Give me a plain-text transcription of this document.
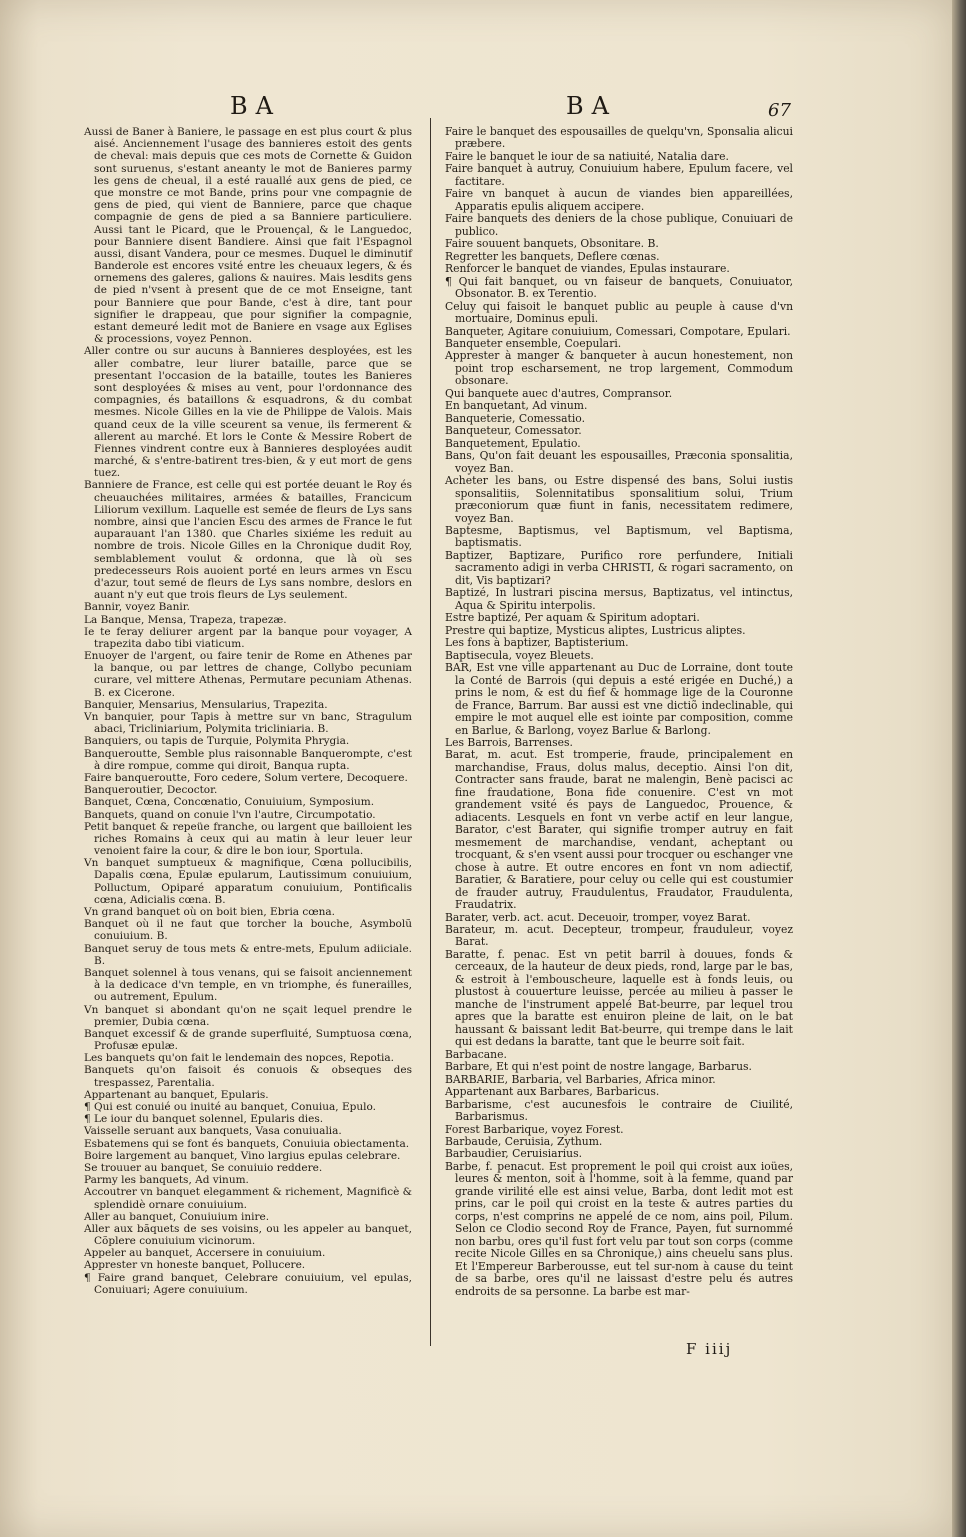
BA	BA	67

Aussi de Baner à Baniere, le passage en est plus court & plus aisé. Anciennement l'usage des bannieres estoit des gents de cheval: mais depuis que ces mots de Cornette & Guidon sont suruenus, s'estant aneanty le mot de Banieres parmy les gens de cheual, il a esté rauallé aux gens de pied, ce que monstre ce mot Bande, prins pour vne compagnie de gens de pied, qui vient de Banniere, parce que chaque compagnie de gens de pied a sa Banniere particuliere. Aussi tant le Picard, que le Prouençal, & le Languedoc, pour Banniere disent Bandiere. Ainsi que fait l'Espagnol aussi, disant Vandera, pour ce mesmes. Duquel le diminutif Banderole est encores vsité entre les cheuaux legers, & és ornemens des galeres, galions & nauires. Mais lesdits gens de pied n'vsent à present que de ce mot Enseigne, tant pour Banniere que pour Bande, c'est à dire, tant pour signifier le drappeau, que pour signifier la compagnie, estant demeuré ledit mot de Baniere en vsage aux Eglises & processions, voyez Pennon.

Aller contre ou sur aucuns à Bannieres desployées, est les aller combatre, leur liurer bataille, parce que se presentant l'occasion de la bataille, toutes les Banieres sont desployées & mises au vent, pour l'ordonnance des compagnies, és bataillons & esquadrons, & du combat mesmes. Nicole Gilles en la vie de Philippe de Valois. Mais quand ceux de la ville sceurent sa venue, ils fermerent & allerent au marché. Et lors le Conte & Messire Robert de Fiennes vindrent contre eux à Bannieres desployées audit marché, & s'entre-batirent tres-bien, & y eut mort de gens tuez.

Banniere de France, est celle qui est portée deuant le Roy és cheuauchées militaires, armées & batailles, Francicum Liliorum vexillum. Laquelle est semée de fleurs de Lys sans nombre, ainsi que l'ancien Escu des armes de France le fut auparauant l'an 1380. que Charles sixiéme les reduit au nombre de trois. Nicole Gilles en la Chronique dudit Roy, semblablement voulut & ordonna, que là où ses predecesseurs Rois auoient porté en leurs armes vn Escu d'azur, tout semé de fleurs de Lys sans nombre, deslors en auant n'y eut que trois fleurs de Lys seulement.

Bannir, voyez Banir.

La Banque, Mensa, Trapeza, trapezæ.

Ie te feray deliurer argent par la banque pour voyager, A trapezita dabo tibi viaticum.

Enuoyer de l'argent, ou faire tenir de Rome en Athenes par la banque, ou par lettres de change, Collybo pecuniam curare, vel mittere Athenas, Permutare pecuniam Athenas. B. ex Cicerone.

Banquier, Mensarius, Mensularius, Trapezita.

Vn banquier, pour Tapis à mettre sur vn banc, Stragulum abaci, Tricliniarium, Polymita tricliniaria. B.

Banquiers, ou tapis de Turquie, Polymita Phrygia.

Banqueroutte, Semble plus raisonnable Banquerompte, c'est à dire rompue, comme qui diroit, Banqua rupta.

Faire banqueroutte, Foro cedere, Solum vertere, Decoquere.

Banqueroutier, Decoctor.

Banquet, Cœna, Concœnatio, Conuiuium, Symposium.

Banquets, quand on conuie l'vn l'autre, Circumpotatio.

Petit banquet & repeüe franche, ou largent que bailloient les riches Romains à ceux qui au matin à leur leuer leur venoient faire la cour, & dire le bon iour, Sportula.

Vn banquet sumptueux & magnifique, Cœna pollucibilis, Dapalis cœna, Epulæ epularum, Lautissimum conuiuium, Polluctum, Opiparé apparatum conuiuium, Pontificalis cœna, Adicialis cœna. B.

Vn grand banquet où on boit bien, Ebria cœna.

Banquet où il ne faut que torcher la bouche, Asymbolũ conuiuium. B.

Banquet seruy de tous mets & entre-mets, Epulum adiiciale. B.

Banquet solennel à tous venans, qui se faisoit anciennement à la dedicace d'vn temple, en vn triomphe, és funerailles, ou autrement, Epulum.

Vn banquet si abondant qu'on ne sçait lequel prendre le premier, Dubia cœna.

Banquet excessif & de grande superfluité, Sumptuosa cœna, Profusæ epulæ.

Les banquets qu'on fait le lendemain des nopces, Repotia.

Banquets qu'on faisoit és conuois & obseques des trespassez, Parentalia.

Appartenant au banquet, Epularis.

¶ Qui est conuié ou inuité au banquet, Conuiua, Epulo.

¶ Le iour du banquet solennel, Epularis dies.

Vaisselle seruant aux banquets, Vasa conuiualia.

Esbatemens qui se font és banquets, Conuiuia obiectamenta.

Boire largement au banquet, Vino largius epulas celebrare.

Se trouuer au banquet, Se conuiuio reddere.

Parmy les banquets, Ad vinum.

Accoutrer vn banquet elegamment & richement, Magnificè & splendidè ornare conuiuium.

Aller au banquet, Conuiuium inire.

Aller aux bãquets de ses voisins, ou les appeler au banquet, Cõplere conuiuium vicinorum.

Appeler au banquet, Accersere in conuiuium.

Apprester vn honeste banquet, Pollucere.

¶ Faire grand banquet, Celebrare conuiuium, vel epulas, Conuiuari; Agere conuiuium.

Faire le banquet des espousailles de quelqu'vn, Sponsalia alicui præbere.

Faire le banquet le iour de sa natiuité, Natalia dare.

Faire banquet à autruy, Conuiuium habere, Epulum facere, vel factitare.

Faire vn banquet à aucun de viandes bien appareillées, Apparatis epulis aliquem accipere.

Faire banquets des deniers de la chose publique, Conuiuari de publico.

Faire souuent banquets, Obsonitare. B.

Regretter les banquets, Deflere cœnas.

Renforcer le banquet de viandes, Epulas instaurare.

¶ Qui fait banquet, ou vn faiseur de banquets, Conuiuator, Obsonator. B. ex Terentio.

Celuy qui faisoit le banquet public au peuple à cause d'vn mortuaire, Dominus epuli.

Banqueter, Agitare conuiuium, Comessari, Compotare, Epulari.

Banqueter ensemble, Coepulari.

Apprester à manger & banqueter à aucun honestement, non point trop escharsement, ne trop largement, Commodum obsonare.

Qui banquete auec d'autres, Compransor.

En banquetant, Ad vinum.

Banqueterie, Comessatio.

Banqueteur, Comessator.

Banquetement, Epulatio.

Bans, Qu'on fait deuant les espousailles, Præconia sponsalitia, voyez Ban.

Acheter les bans, ou Estre dispensé des bans, Solui iustis sponsalitiis, Solennitatibus sponsalitium solui, Trium præconiorum quæ fiunt in fanis, necessitatem redimere, voyez Ban.

Baptesme, Baptismus, vel Baptismum, vel Baptisma, baptismatis.

Baptizer, Baptizare, Purifico rore perfundere, Initiali sacramento adigi in verba CHRISTI, & rogari sacramento, on dit, Vis baptizari?

Baptizé, In lustrari piscina mersus, Baptizatus, vel intinctus, Aqua & Spiritu interpolis.

Estre baptizé, Per aquam & Spiritum adoptari.

Prestre qui baptize, Mysticus aliptes, Lustricus aliptes.

Les fons à baptizer, Baptisterium.

Baptisecula, voyez Bleuets.

BAR, Est vne ville appartenant au Duc de Lorraine, dont toute la Conté de Barrois (qui depuis a esté erigée en Duché,) a prins le nom, & est du fief & hommage lige de la Couronne de France, Barrum. Bar aussi est vne dictiõ indeclinable, qui empire le mot auquel elle est iointe par composition, comme en Barlue, & Barlong, voyez Barlue & Barlong.

Les Barrois, Barrenses.

Barat, m. acut. Est tromperie, fraude, principalement en marchandise, Fraus, dolus malus, deceptio. Ainsi l'on dit, Contracter sans fraude, barat ne malengin, Benè pacisci ac fine fraudatione, Bona fide conuenire. C'est vn mot grandement vsité és pays de Languedoc, Prouence, & adiacents. Lesquels en font vn verbe actif en leur langue, Barator, c'est Barater, qui signifie tromper autruy en fait mesmement de marchandise, vendant, acheptant ou trocquant, & s'en vsent aussi pour trocquer ou eschanger vne chose à autre. Et outre encores en font vn nom adiectif, Baratier, & Baratiere, pour celuy ou celle qui est coustumier de frauder autruy, Fraudulentus, Fraudator, Fraudulenta, Fraudatrix.

Barater, verb. act. acut. Deceuoir, tromper, voyez Barat.

Barateur, m. acut. Decepteur, trompeur, frauduleur, voyez Barat.

Baratte, f. penac. Est vn petit barril à douues, fonds & cerceaux, de la hauteur de deux pieds, rond, large par le bas, & estroit à l'embouscheure, laquelle est à fonds leuis, ou plustost à couuerture leuisse, percée au milieu à passer le manche de l'instrument appelé Bat-beurre, par lequel trou apres que la baratte est enuiron pleine de lait, on le bat haussant & baissant ledit Bat-beurre, qui trempe dans le lait qui est dedans la baratte, tant que le beurre soit fait.

Barbacane.

Barbare, Et qui n'est point de nostre langage, Barbarus.

BARBARIE, Barbaria, vel Barbaries, Africa minor.

Appartenant aux Barbares, Barbaricus.

Barbarisme, c'est aucunesfois le contraire de Ciuilité, Barbarismus.

Forest Barbarique, voyez Forest.

Barbaude, Ceruisia, Zythum.

Barbaudier, Ceruisiarius.

Barbe, f. penacut. Est proprement le poil qui croist aux ioües, leures & menton, soit à l'homme, soit à la femme, quand par grande virilité elle est ainsi velue, Barba, dont ledit mot est prins, car le poil qui croist en la teste & autres parties du corps, n'est comprins ne appelé de ce nom, ains poil, Pilum. Selon ce Clodio second Roy de France, Payen, fut surnommé non barbu, ores qu'il fust fort velu par tout son corps (comme recite Nicole Gilles en sa Chronique,) ains cheuelu sans plus. Et l'Empereur Barberousse, eut tel sur-nom à cause du teint de sa barbe, ores qu'il ne laissast d'estre pelu és autres endroits de sa personne. La barbe est mar-

F iiij
